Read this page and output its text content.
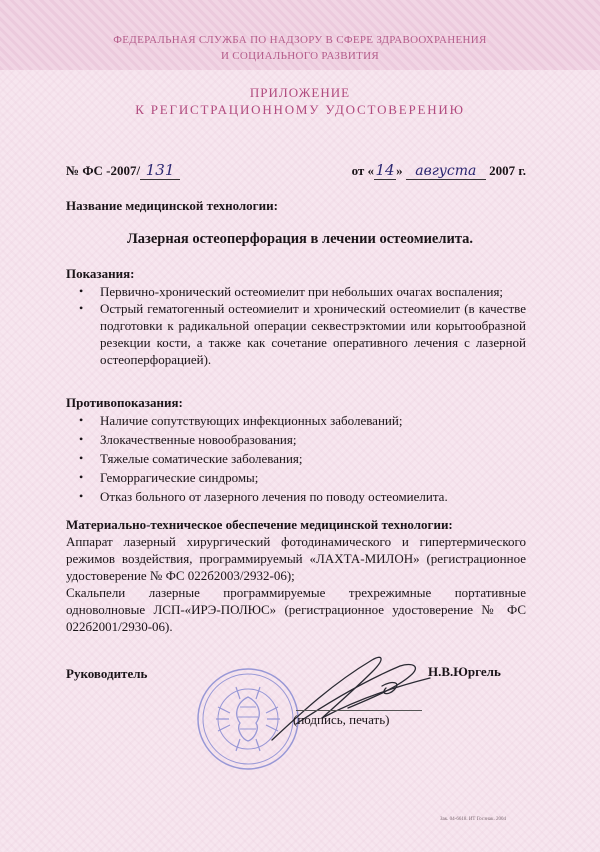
ФЕДЕРАЛЬНАЯ СЛУЖБА ПО НАДЗОРУ В СФЕРЕ ЗДРАВООХРАНЕНИЯ
И СОЦИАЛЬНОГО РАЗВИТИЯ
ПРИЛОЖЕНИЕ
К РЕГИСТРАЦИОННОМУ УДОСТОВЕРЕНИЮ
№ ФС -2007/ 131	от «14» августа 2007 г.
Название медицинской технологии:
Лазерная остеоперфорация в лечении остеомиелита.
Показания:
• Первично-хронический остеомиелит при небольших очагах воспаления;
• Острый гематогенный остеомиелит и хронический остеомиелит (в качестве подготовки к радикальной операции секвестрэктомии или корытообразной резекции кости, а также как сочетание оперативного лечения с лазерной остеоперфорацией).
Противопоказания:
• Наличие сопутствующих инфекционных заболеваний;
• Злокачественные новообразования;
• Тяжелые соматические заболевания;
• Геморрагические синдромы;
• Отказ больного от лазерного лечения по поводу остеомиелита.
Материально-техническое обеспечение медицинской технологии:
Аппарат лазерный хирургический фотодинамического и гипертермического режимов воздействия, программируемый «ЛАХТА-МИЛОН» (регистрационное удостоверение № ФС 022б2003/2932-06);
Скальпели лазерные программируемые трехрежимные портативные одноволновые ЛСП-«ИРЭ-ПОЛЮС» (регистрационное удостоверение № ФС 022б2001/2930-06).
Руководитель	Н.В.Юргель
(подпись, печать)
Зак. 04-6618. ИТ Госзнак. 2004
